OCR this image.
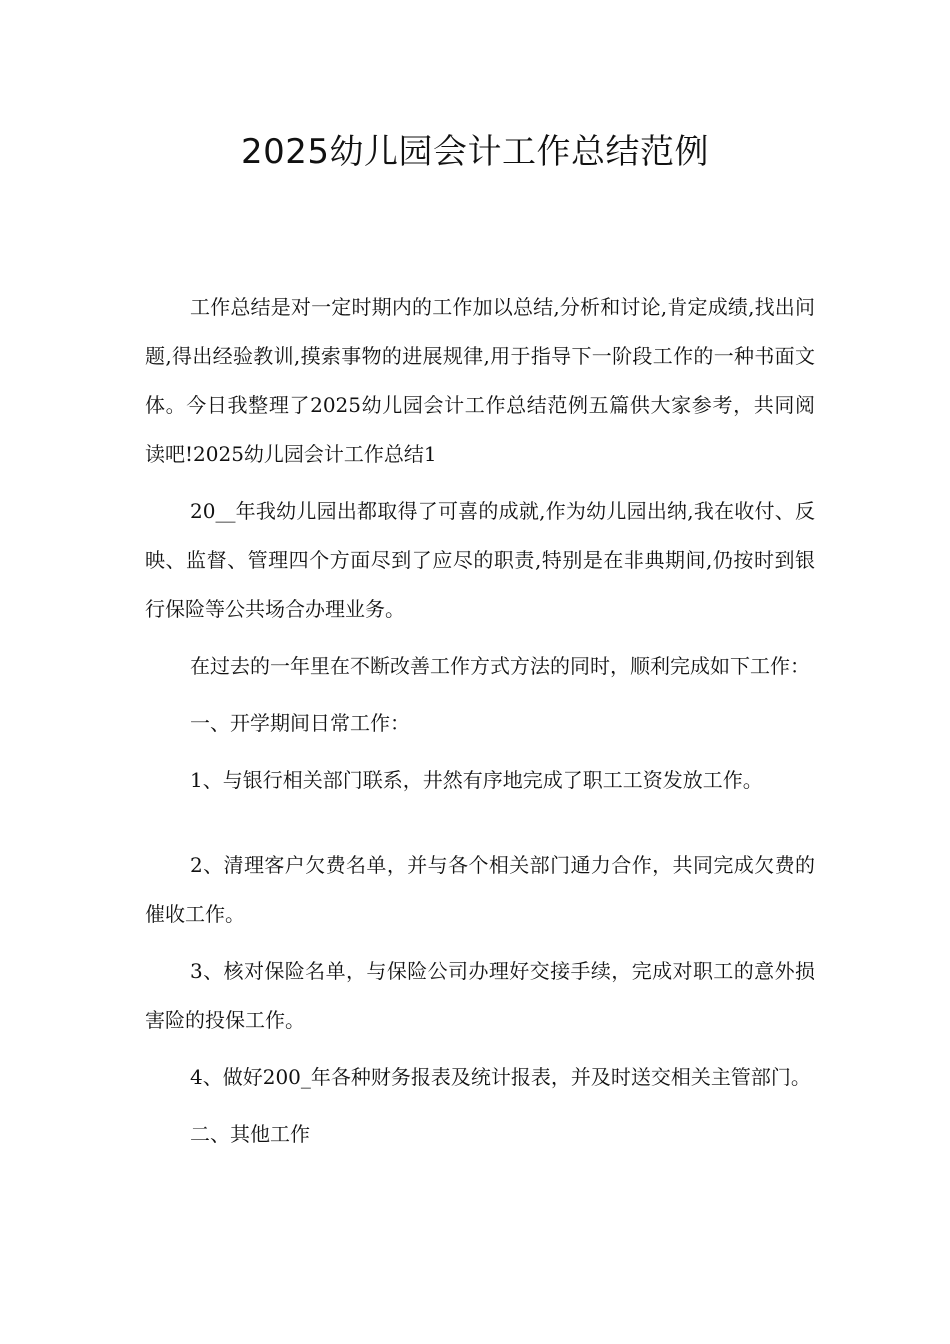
2025幼儿园会计工作总结范例

工作总结是对一定时期内的工作加以总结,分析和讨论,肯定成绩,找出问题,得出经验教训,摸索事物的进展规律,用于指导下一阶段工作的一种书面文体。今日我整理了2025幼儿园会计工作总结范例五篇供大家参考，共同阅读吧!2025幼儿园会计工作总结1

20__年我幼儿园出都取得了可喜的成就,作为幼儿园出纳,我在收付、反映、监督、管理四个方面尽到了应尽的职责,特别是在非典期间,仍按时到银行保险等公共场合办理业务。

在过去的一年里在不断改善工作方式方法的同时，顺利完成如下工作：

一、开学期间日常工作：

1、与银行相关部门联系，井然有序地完成了职工工资发放工作。

2、清理客户欠费名单，并与各个相关部门通力合作，共同完成欠费的催收工作。

3、核对保险名单，与保险公司办理好交接手续，完成对职工的意外损害险的投保工作。

4、做好200_年各种财务报表及统计报表，并及时送交相关主管部门。

二、其他工作
